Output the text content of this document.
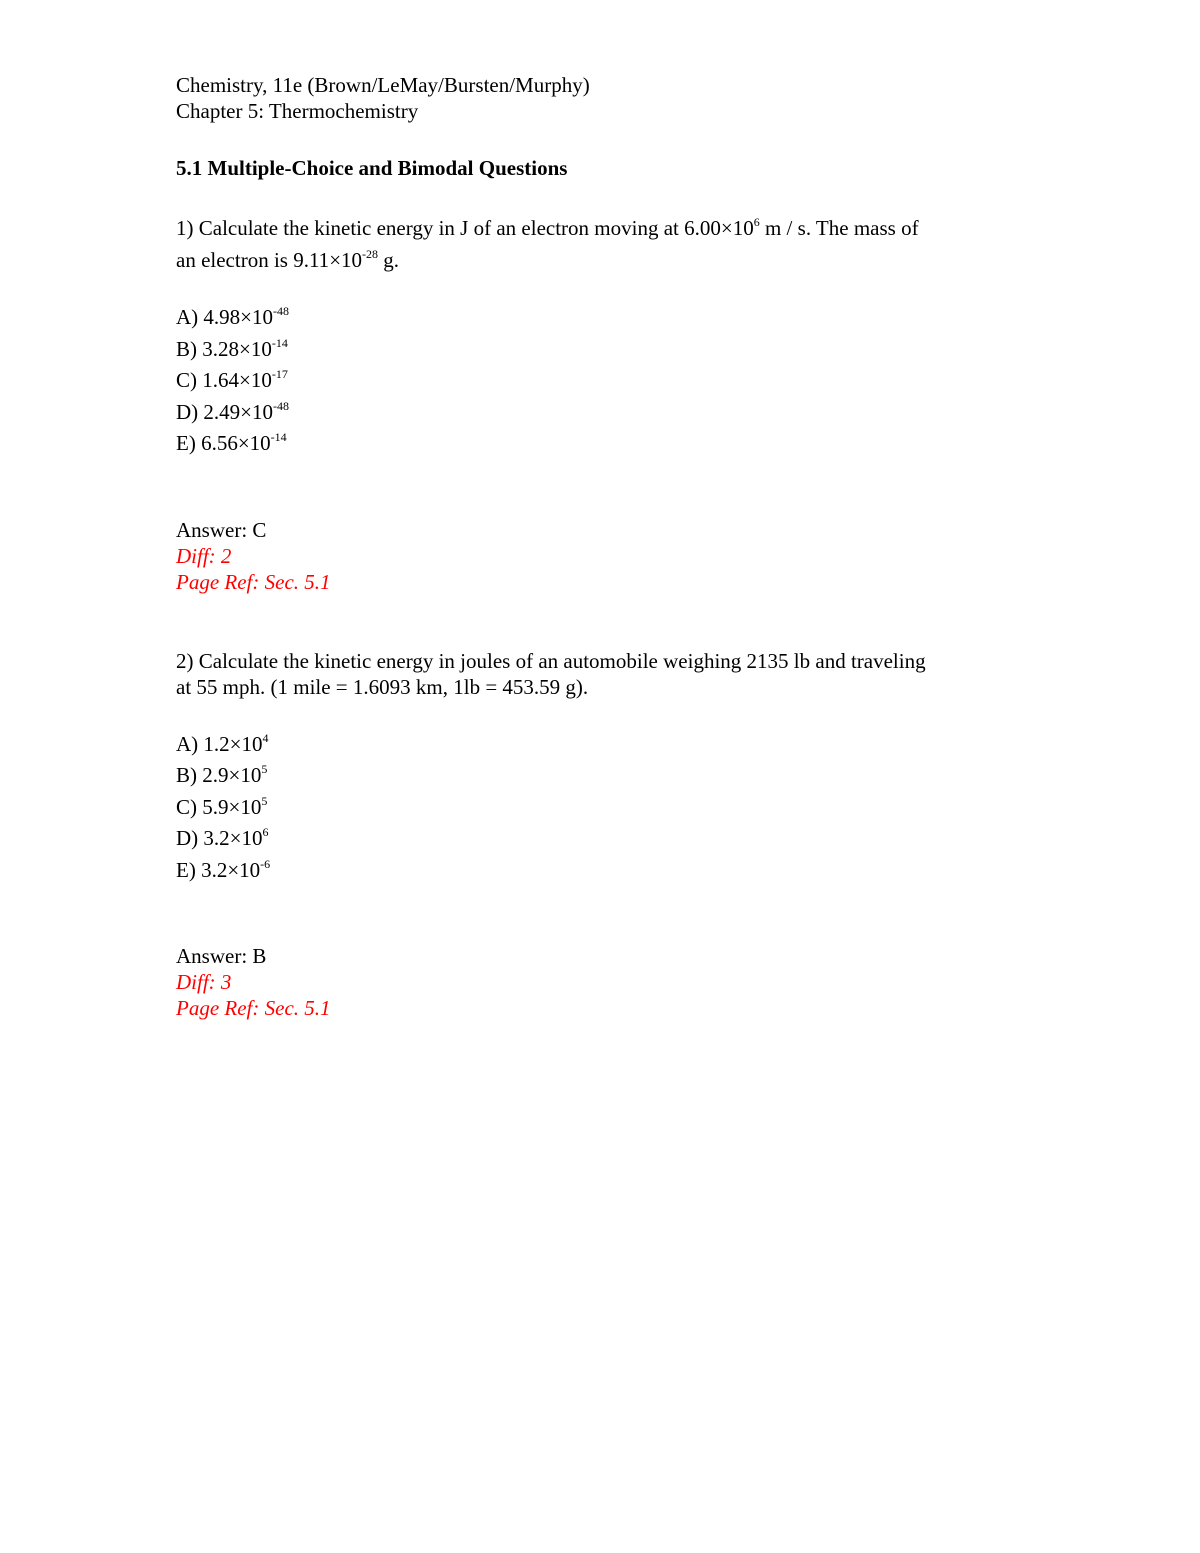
Chemistry, 11e (Brown/LeMay/Bursten/Murphy)
Chapter 5: Thermochemistry
5.1 Multiple-Choice and Bimodal Questions
1) Calculate the kinetic energy in J of an electron moving at $6.00\times 10^6$ m / s. The mass of
an electron is $9.11\times 10^{-28}$ g.
A) $4.98\times 10^{-48}$
B) $3.28\times 10^{-14}$
C) $1.64\times 10^{-17}$
D) $2.49\times 10^{-48}$
E) $6.56\times 10^{-14}$
Answer: C
Diff: 2
Page Ref: Sec. 5.1
2) Calculate the kinetic energy in joules of an automobile weighing 2135 lb and traveling
at 55 mph. (1 mile = 1.6093 km, 1lb = 453.59 g).
A) $1.2\times 10^4$
B) $2.9\times 10^5$
C) $5.9\times 10^5$
D) $3.2\times 10^6$
E) $3.2\times 10^{-6}$
Answer: B
Diff: 3
Page Ref: Sec. 5.1
